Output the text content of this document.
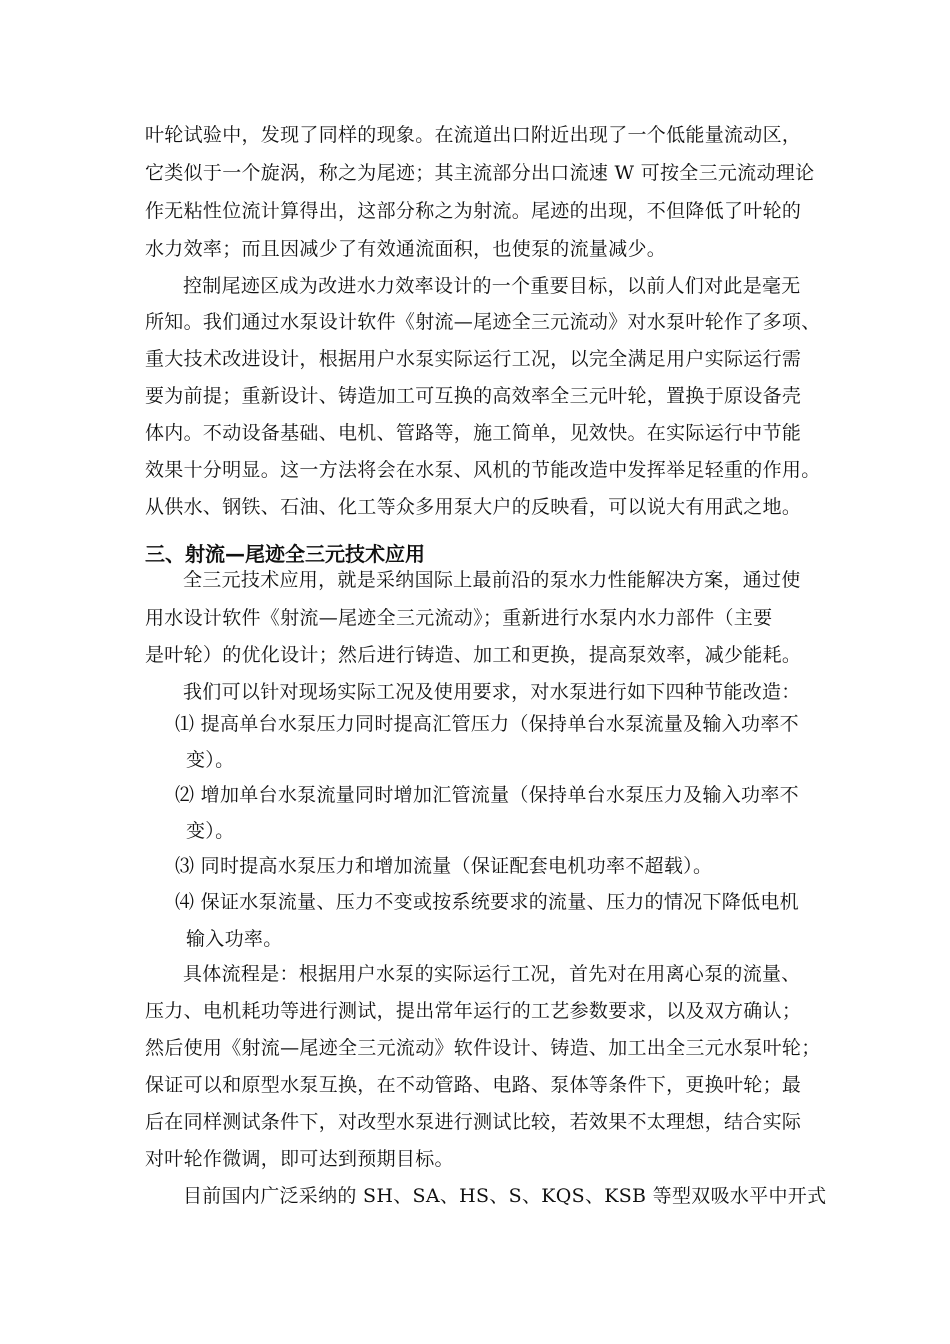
叶轮试验中，发现了同样的现象。在流道出口附近出现了一个低能量流动区，
它类似于一个旋涡，称之为尾迹；其主流部分出口流速 W 可按全三元流动理论
作无粘性位流计算得出，这部分称之为射流。尾迹的出现，不但降低了叶轮的
水力效率；而且因减少了有效通流面积，也使泵的流量减少。
控制尾迹区成为改进水力效率设计的一个重要目标，以前人们对此是毫无
所知。我们通过水泵设计软件《射流—尾迹全三元流动》对水泵叶轮作了多项、
重大技术改进设计，根据用户水泵实际运行工况，以完全满足用户实际运行需
要为前提；重新设计、铸造加工可互换的高效率全三元叶轮，置换于原设备壳
体内。不动设备基础、电机、管路等，施工简单，见效快。在实际运行中节能
效果十分明显。这一方法将会在水泵、风机的节能改造中发挥举足轻重的作用。
从供水、钢铁、石油、化工等众多用泵大户的反映看，可以说大有用武之地。
三、射流—尾迹全三元技术应用
全三元技术应用，就是采纳国际上最前沿的泵水力性能解决方案，通过使
用水设计软件《射流—尾迹全三元流动》；重新进行水泵内水力部件（主要
是叶轮）的优化设计；然后进行铸造、加工和更换，提高泵效率，减少能耗。
我们可以针对现场实际工况及使用要求，对水泵进行如下四种节能改造：
⑴ 提高单台水泵压力同时提高汇管压力（保持单台水泵流量及输入功率不
变）。
⑵ 增加单台水泵流量同时增加汇管流量（保持单台水泵压力及输入功率不
变）。
⑶ 同时提高水泵压力和增加流量（保证配套电机功率不超载）。
⑷ 保证水泵流量、压力不变或按系统要求的流量、压力的情况下降低电机
输入功率。
具体流程是：根据用户水泵的实际运行工况，首先对在用离心泵的流量、
压力、电机耗功等进行测试，提出常年运行的工艺参数要求，以及双方确认；
然后使用《射流—尾迹全三元流动》软件设计、铸造、加工出全三元水泵叶轮；
保证可以和原型水泵互换，在不动管路、电路、泵体等条件下，更换叶轮；最
后在同样测试条件下，对改型水泵进行测试比较，若效果不太理想，结合实际
对叶轮作微调，即可达到预期目标。
目前国内广泛采纳的 SH、SA、HS、S、KQS、KSB 等型双吸水平中开式
